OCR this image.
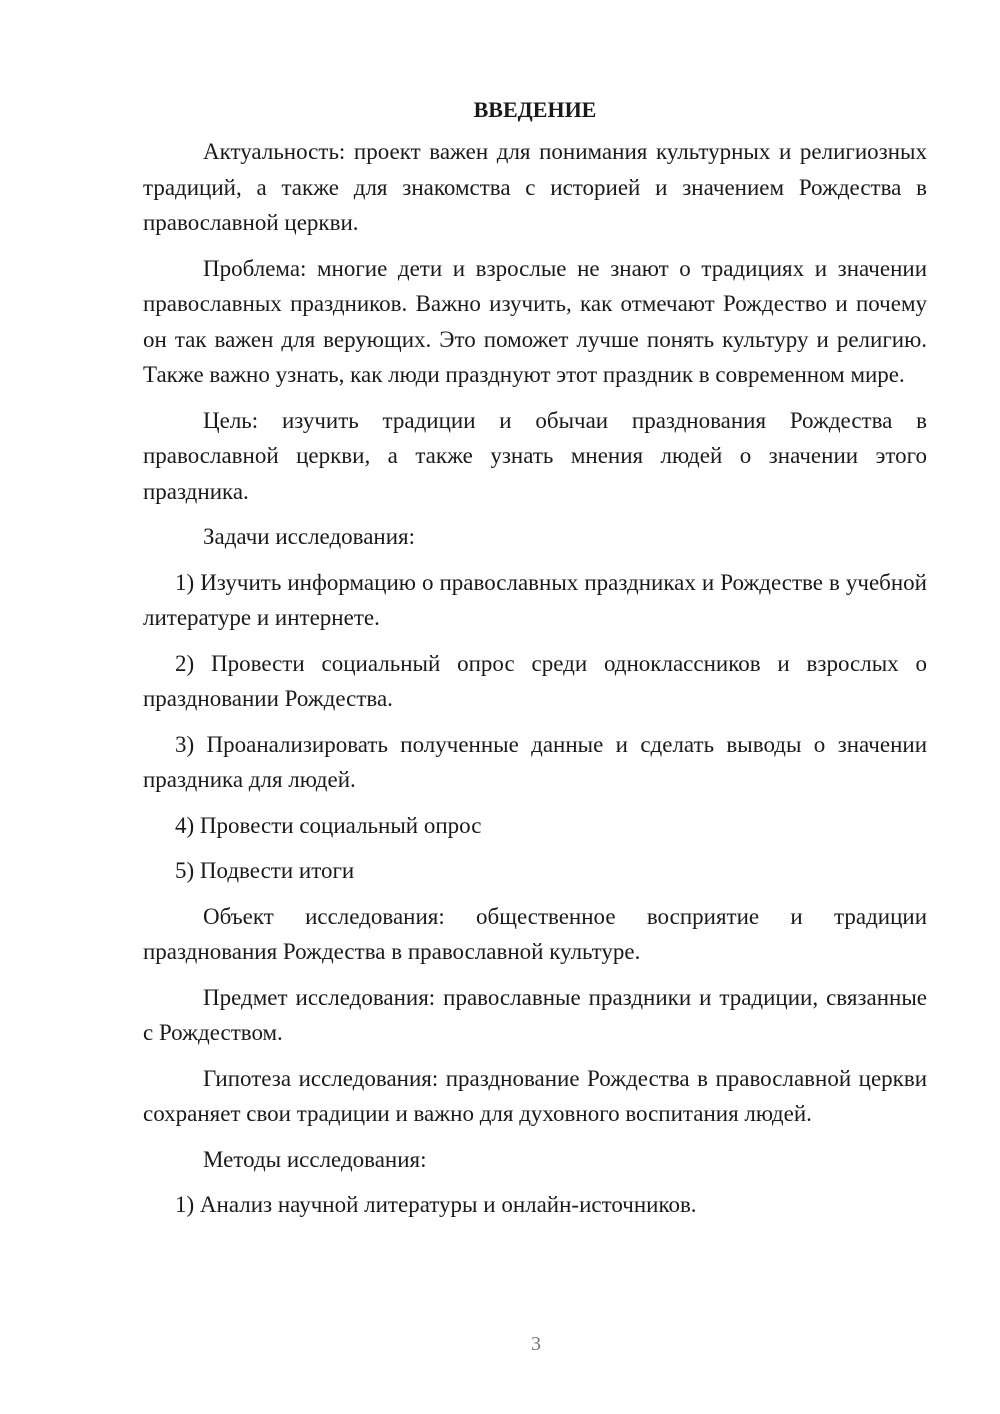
ВВЕДЕНИЕ

Актуальность: проект важен для понимания культурных и религиозных традиций, а также для знакомства с историей и значением Рождества в православной церкви.

Проблема: многие дети и взрослые не знают о традициях и значении православных праздников. Важно изучить, как отмечают Рождество и почему он так важен для верующих. Это поможет лучше понять культуру и религию. Также важно узнать, как люди празднуют этот праздник в современном мире.

Цель: изучить традиции и обычаи празднования Рождества в православной церкви, а также узнать мнения людей о значении этого праздника.

Задачи исследования:

1) Изучить информацию о православных праздниках и Рождестве в учебной литературе и интернете.

2) Провести социальный опрос среди одноклассников и взрослых о праздновании Рождества.

3) Проанализировать полученные данные и сделать выводы о значении праздника для людей.

4) Провести социальный опрос

5) Подвести итоги

Объект исследования: общественное восприятие и традиции празднования Рождества в православной культуре.

Предмет исследования: православные праздники и традиции, связанные с Рождеством.

Гипотеза исследования: празднование Рождества в православной церкви сохраняет свои традиции и важно для духовного воспитания людей.

Методы исследования:

1) Анализ научной литературы и онлайн-источников.

3
